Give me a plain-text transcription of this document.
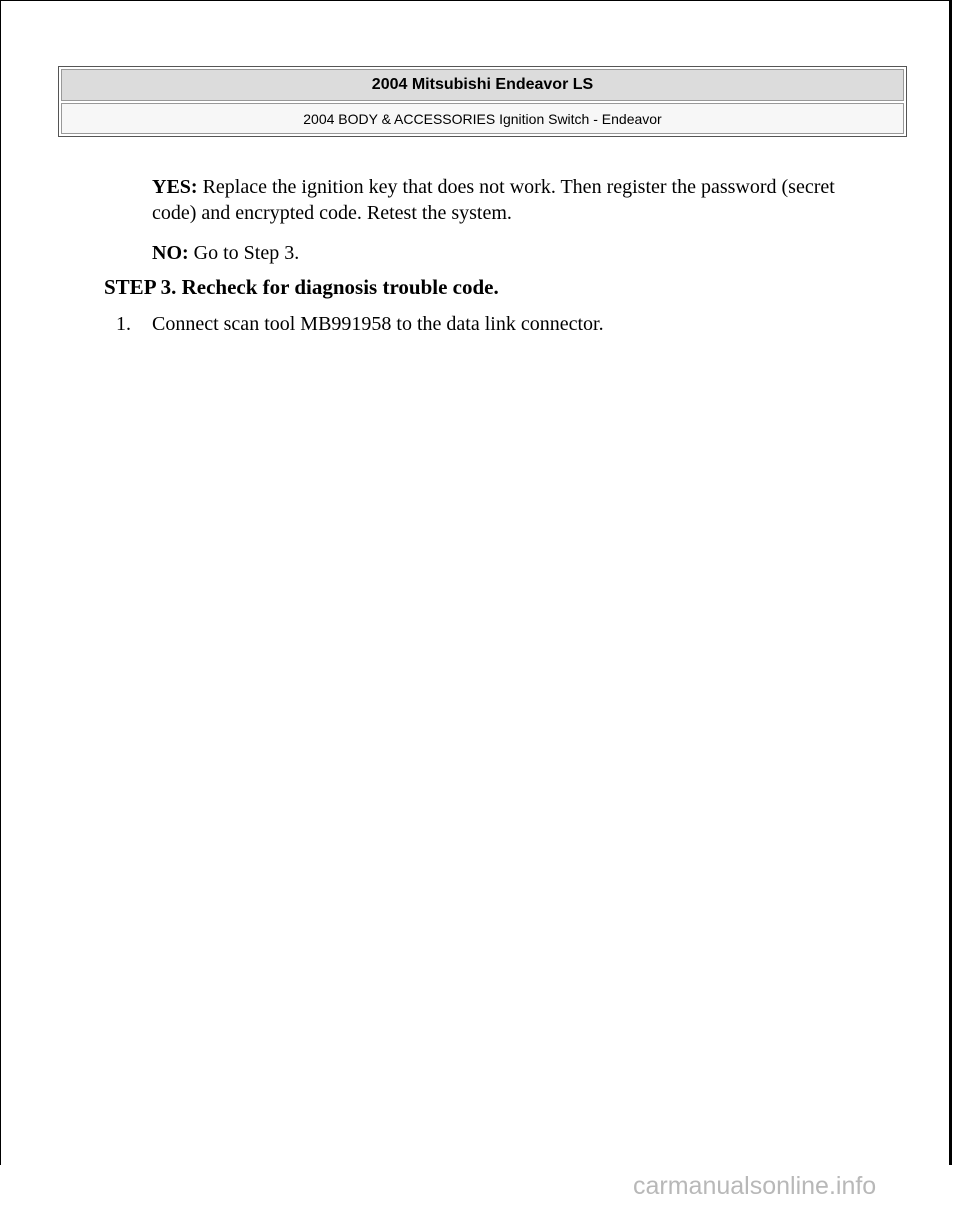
2004 Mitsubishi Endeavor LS
2004 BODY & ACCESSORIES Ignition Switch - Endeavor

YES: Replace the ignition key that does not work. Then register the password (secret code) and encrypted code. Retest the system.

NO: Go to Step 3.

STEP 3. Recheck for diagnosis trouble code.

1. Connect scan tool MB991958 to the data link connector.

carmanualsonline.info
